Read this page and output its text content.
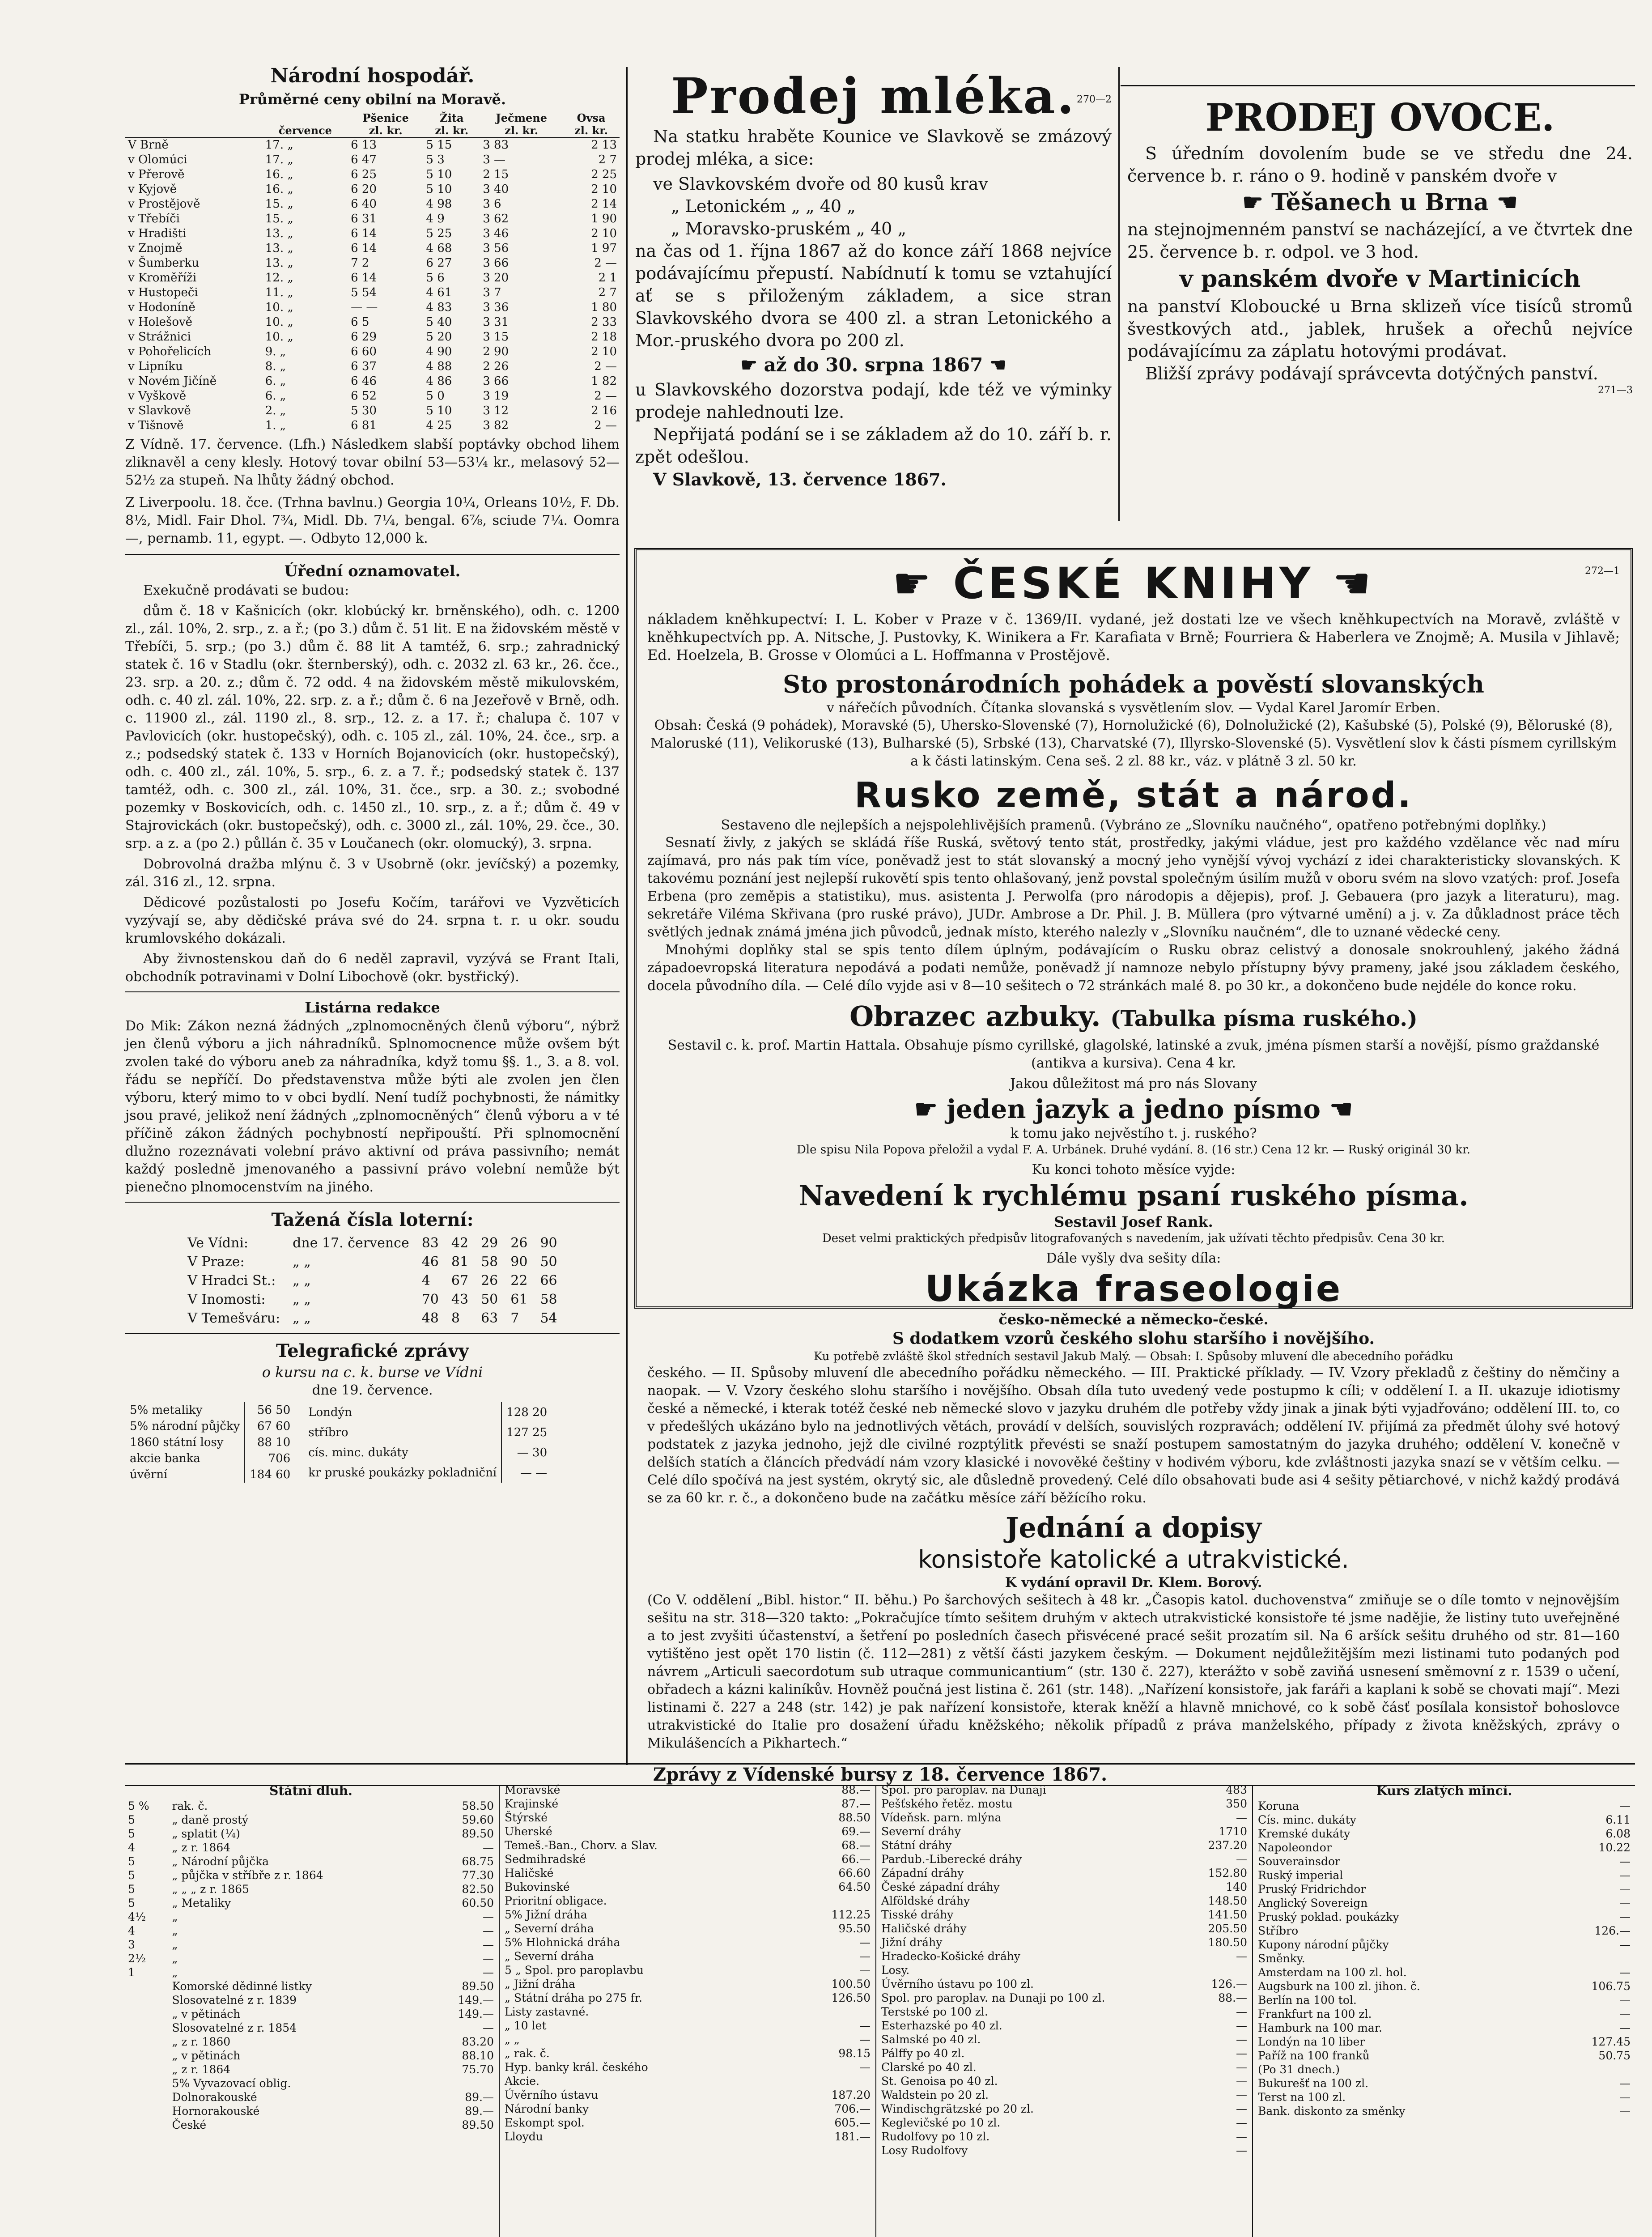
Národní hospodář.
Průměrné ceny obilní na Moravě.
		Pšenice	Žita	Ječmene	Ovsa
	července	zl. kr.	zl. kr.	zl. kr.	zl. kr.
V Brně	17. „	6 13	5 15	3 83	2 13
v Olomúci	17. „	6 47	5 3	3 —	2 7
v Přerově	16. „	6 25	5 10	2 15	2 25
v Kyjově	16. „	6 20	5 10	3 40	2 10
v Prostějově	15. „	6 40	4 98	3 6	2 14
v Třebíči	15. „	6 31	4 9	3 62	1 90
v Hradišti	13. „	6 14	5 25	3 46	2 10
v Znojmě	13. „	6 14	4 68	3 56	1 97
v Šumberku	13. „	7 2	6 27	3 66	2 —
v Kroměříži	12. „	6 14	5 6	3 20	2 1
v Hustopeči	11. „	5 54	4 61	3 7	2 7
v Hodoníně	10. „	— —	4 83	3 36	1 80
v Holešově	10. „	6 5	5 40	3 31	2 33
v Strážnici	10. „	6 29	5 20	3 15	2 18
v Pohořelicích	9. „	6 60	4 90	2 90	2 10
v Lipníku	8. „	6 37	4 88	2 26	2 —
v Novém Jičíně	6. „	6 46	4 86	3 66	1 82
v Vyškově	6. „	6 52	5 0	3 19	2 —
v Slavkově	2. „	5 30	5 10	3 12	2 16
v Tišnově	1. „	6 81	4 25	3 82	2 —
Z Vídně. 17. července. (Lfh.) Následkem slabší poptávky obchod lihem zliknavěl a ceny klesly. Hotový tovar obilní 53—53¼ kr., melasový 52—52½ za stupeň. Na lhůty žádný obchod.
Z Liverpoolu. 18. čce. (Trhna bavlnu.) Georgia 10¼, Orleans 10½, F. Db. 8½, Midl. Fair Dhol. 7¾, Midl. Db. 7¼, bengal. 6⅞, sciude 7¼. Oomra —, pernamb. 11, egypt. —. Odbyto 12,000 k.
Úřední oznamovatel.

Exekučně prodávati se budou:

dům č. 18 v Kašnicích (okr. klobúcký kr. brněnského), odh. c. 1200 zl., zál. 10%, 2. srp., z. a ř.; (po 3.) dům č. 51 lit. E na židovském městě v Třebíči, 5. srp.; (po 3.) dům č. 88 lit A tamtéž, 6. srp.; zahradnický statek č. 16 v Stadlu (okr. šternberský), odh. c. 2032 zl. 63 kr., 26. čce., 23. srp. a 20. z.; dům č. 72 odd. 4 na židovském městě mikulovském, odh. c. 40 zl. zál. 10%, 22. srp. z. a ř.; dům č. 6 na Jezeřově v Brně, odh. c. 11900 zl., zál. 1190 zl., 8. srp., 12. z. a 17. ř.; chalupa č. 107 v Pavlovicích (okr. hustopečský), odh. c. 105 zl., zál. 10%, 24. čce., srp. a z.; podsedský statek č. 133 v Horních Bojanovicích (okr. hustopečský), odh. c. 400 zl., zál. 10%, 5. srp., 6. z. a 7. ř.; podsedský statek č. 137 tamtéž, odh. c. 300 zl., zál. 10%, 31. čce., srp. a 30. z.; svobodné pozemky v Boskovicích, odh. c. 1450 zl., 10. srp., z. a ř.; dům č. 49 v Stajrovickách (okr. bustopečský), odh. c. 3000 zl., zál. 10%, 29. čce., 30. srp. a z. a (po 2.) půllán č. 35 v Loučanech (okr. olomucký), 3. srpna.

Dobrovolná dražba mlýnu č. 3 v Usobrně (okr. jevíčský) a pozemky, zál. 316 zl., 12. srpna.

Dědicové pozůstalosti po Josefu Kočím, tarářovi ve Vyzvěticích vyzývají se, aby dědičské práva své do 24. srpna t. r. u okr. soudu krumlovského dokázali.

Aby živnostenskou daň do 6 neděl zapravil, vyzývá se Frant Itali, obchodník potravinami v Dolní Libochově (okr. bystřický).

Listárna redakce
Do Mik: Zákon nezná žádných „zplnomocněných členů výboru“, nýbrž jen členů výboru a jich náhradníků. Splnomocnence může ovšem být zvolen také do výboru aneb za náhradníka, když tomu §§. 1., 3. a 8. vol. řádu se nepříčí. Do představenstva může býti ale zvolen jen člen výboru, který mimo to v obci bydlí. Není tudíž pochybnosti, že námitky jsou pravé, jelikož není žádných „zplnomocněných“ členů výboru a v té příčině zákon žádných pochybností nepřipouští. Při splnomocnění dlužno rozeznávati volební právo aktivní od práva passivního; nemát každý posledně jmenovaného a passivní právo volební nemůže být pienečno plnomocenstvím na jiného.
Tažená čísla loterní:
Ve Vídni:	dne 17. července	83	42	29	26	90
V Praze:	„ „	46	81	58	90	50
V Hradci St.:	„ „	4	67	26	22	66
V Inomosti:	„ „	70	43	50	61	58
V Temešváru:	„ „	48	8	63	7	54
Telegrafické zprávy
o kursu na c. k. burse ve Vídni
dne 19. července.
5% metaliky	56 50
5% národní půjčky	67 60
1860 státní losy	88 10
akcie banka	706
úvěrní	184 60
Londýn	128 20
stříbro	127 25
cís. minc. dukáty	— 30
kr pruské poukázky pokladniční	— —
Prodej mléka. 270—2

Na statku hraběte Kounice ve Slavkově se zmázový prodej mléka, a sice:

ve Slavkovském dvoře od 80 kusů krav
„ Letonickém „ „ 40 „
„ Moravsko-pruském „ 40 „
na čas od 1. října 1867 až do konce září 1868 nejvíce podávajícímu přepustí. Nabídnutí k tomu se vztahující ať se s přiloženým základem, a sice stran Slavkovského dvora se 400 zl. a stran Letonického a Mor.-pruského dvora po 200 zl.
☛ až do 30. srpna 1867 ☚
u Slavkovského dozorstva podají, kde též ve výminky prodeje nahlednouti lze.
Nepřijatá podání se i se základem až do 10. září b. r. zpět odešlou.
V Slavkově, 13. července 1867.
PRODEJ OVOCE.
S úředním dovolením bude se ve středu dne 24. července b. r. ráno o 9. hodině v panském dvoře v
☛ Těšanech u Brna ☚
na stejnojmenném panství se nacházející, a ve čtvrtek dne 25. července b. r. odpol. ve 3 hod.
v panském dvoře v Martinicích
na panství Kloboucké u Brna sklizeň více tisíců stromů švestkových atd., jablek, hrušek a ořechů nejvíce podávajícímu za záplatu hotovými prodávat.
Bližší zprávy podávají správcevta dotýčných panství.
271—3
☛ ČESKÉ KNIHY ☚	272—1
nákladem kněhkupectví: I. L. Kober v Praze v č. 1369/II. vydané, jež dostati lze ve všech kněhkupectvích na Moravě, zvláště v kněhkupectvích pp. A. Nitsche, J. Pustovky, K. Winikera a Fr. Karafiata v Brně; Fourriera & Haberlera ve Znojmě; A. Musila v Jihlavě; Ed. Hoelzela, B. Grosse v Olomúci a L. Hoffmanna v Prostějově.
Sto prostonárodních pohádek a pověstí slovanských
v nářečích původních. Čítanka slovanská s vysvětlením slov. — Vydal Karel Jaromír Erben.
Obsah: Česká (9 pohádek), Moravské (5), Uhersko-Slovenské (7), Hornolužické (6), Dolnolužické (2), Kašubské (5), Polské (9), Běloruské (8), Maloruské (11), Velikoruské (13), Bulharské (5), Srbské (13), Charvatské (7), Illyrsko-Slovenské (5). Vysvětlení slov k části písmem cyrillským a k části latinským. Cena seš. 2 zl. 88 kr., váz. v plátně 3 zl. 50 kr.
Rusko země, stát a národ.
Sestaveno dle nejlepších a nejspolehlivějších pramenů. (Vybráno ze „Slovníku naučného“, opatřeno potřebnými doplňky.)
Sesnatí živly, z jakých se skládá říše Ruská, světový tento stát, prostředky, jakými vládue, jest pro každého vzdělance věc nad míru zajímavá, pro nás pak tím více, poněvadž jest to stát slovanský a mocný jeho vynější vývoj vychází z idei charakteristicky slovanských. K takovému poznání jest nejlepší rukovětí spis tento ohlašovaný, jenž povstal společným úsilím mužů v oboru svém na slovo vzatých: prof. Josefa Erbena (pro zeměpis a statistiku), mus. asistenta J. Perwolfa (pro národopis a dějepis), prof. J. Gebauera (pro jazyk a literaturu), mag. sekretáře Viléma Skřivana (pro ruské právo), JUDr. Ambrose a Dr. Phil. J. B. Müllera (pro výtvarné umění) a j. v. Za důkladnost práce těch světlých jednak známá jména jich původců, jednak místo, kterého nalezly v „Slovníku naučném“, dle to uznané vědecké ceny.
Mnohými doplňky stal se spis tento dílem úplným, podávajícím o Rusku obraz celistvý a donosale snokrouhlený, jakého žádná západoevropská literatura nepodává a podati nemůže, poněvadž jí namnoze nebylo přístupny bývy prameny, jaké jsou základem českého, docela původního díla. — Celé dílo vyjde asi v 8—10 sešitech o 72 stránkách malé 8. po 30 kr., a dokončeno bude nejdéle do konce roku.
Obrazec azbuky. (Tabulka písma ruského.)
Sestavil c. k. prof. Martin Hattala. Obsahuje písmo cyrillské, glagolské, latinské a zvuk, jména písmen starší a novější, písmo graždanské (antikva a kursiva). Cena 4 kr.
Jakou důležitost má pro nás Slovany
☛ jeden jazyk a jedno písmo ☚
k tomu jako nejvěstího t. j. ruského?
Dle spisu Nila Popova přeložil a vydal F. A. Urbánek. Druhé vydání. 8. (16 str.) Cena 12 kr. — Ruský originál 30 kr.
Ku konci tohoto měsíce vyjde:
Navedení k rychlému psaní ruského písma.
Sestavil Josef Rank.
Deset velmi praktických předpisův litografovaných s navedením, jak užívati těchto předpisův. Cena 30 kr.
Dále vyšly dva sešity díla:
Ukázka fraseologie
česko-německé a německo-české.
S dodatkem vzorů českého slohu staršího i novějšího.
Ku potřebě zvláště škol středních sestavil Jakub Malý. — Obsah: I. Spůsoby mluvení dle abecedního pořádku
českého. — II. Spůsoby mluvení dle abecedního pořádku německého. — III. Praktické příklady. — IV. Vzory překladů z češtiny do němčiny a naopak. — V. Vzory českého slohu staršího i novějšího. Obsah díla tuto uvedený vede postupmo k cíli; v oddělení I. a II. ukazuje idiotismy české a německé, i kterak totéž české neb německé slovo v jazyku druhém dle potřeby vždy jinak a jinak býti vyjadřováno; oddělení III. to, co v předešlých ukázáno bylo na jednotlivých větách, provádí v delších, souvislých rozpravách; oddělení IV. přijímá za předmět úlohy své hotový podstatek z jazyka jednoho, jejž dle civilné rozptýlitk převésti se snaží postupem samostatným do jazyka druhého; oddělení V. konečně v delších statích a článcích předvádí nám vzory klasické i novověké češtiny v hodivém výboru, kde zvláštnosti jazyka snazí se v větším celku. — Celé dílo spočívá na jest systém, okrytý sic, ale důsledně provedený. Celé dílo obsahovati bude asi 4 sešity pětiarchové, v nichž každý prodává se za 60 kr. r. č., a dokončeno bude na začátku měsíce září běžícího roku.
Jednání a dopisy
konsistoře katolické a utrakvistické.
K vydání opravil Dr. Klem. Borový.
(Co V. oddělení „Bibl. histor.“ II. běhu.) Po šarchových sešitech à 48 kr. „Časopis katol. duchovenstva“ zmiňuje se o díle tomto v nejnovějším sešitu na str. 318—320 takto: „Pokračujíce tímto sešitem druhým v aktech utrakvistické konsistoře té jsme nadějie, že listiny tuto uveřejněné a to jest zvyšiti účastenství, a šetření po posledních časech přisvécené pracé sešit prozatím sil. Na 6 aršíck sešitu druhého od str. 81—160 vytištěno jest opět 170 listin (č. 112—281) z větší části jazykem českým. — Dokument nejdůležitějším mezi listinami tuto podaných pod návrem „Articuli saecordotum sub utraque communicantium“ (str. 130 č. 227), kterážto v sobě zaviňá usnesení směmovní z r. 1539 o učení, obřadech a kázni kaliníkův. Hovněž poučná jest listina č. 261 (str. 148). „Nařízení konsistoře, jak faráři a kaplani k sobě se chovati mají“. Mezi listinami č. 227 a 248 (str. 142) je pak nařízení konsistoře, kterak kněží a hlavně mnichové, co k sobě čásť posílala konsistoř bohoslovce utrakvistické do Italie pro dosažení úřadu kněžského; několik případů z práva manželského, případy z života kněžských, zprávy o Mikulášencích a Pikhartech.“
Zprávy z Vídenské bursy z 18. července 1867.
Státní dluh.
5 %	rak. č.	58.50
5	„ daně prostý	59.60
5	„ splatit (¼)	89.50
4	„ z r. 1864	—
5	„ Národní půjčka	68.75
5	„ půjčka v stříbře z r. 1864	77.30
5	„ „ „ z r. 1865	82.50
5	„ Metaliky	60.50
4½	„	—
4	„	—
3	„	—
2½	„	—
1	„	—
	Komorské dědinné listky	89.50
	Slosovatelné z r. 1839	149.—
	„ v pětinách	149.—
	Slosovatelné z r. 1854	—
	„ z r. 1860	83.20
	„ v pětinách	88.10
	„ z r. 1864	75.70
	5% Vyvazovací oblig.	
	Dolnorakouské	89.—
	Hornorakouské	89.—
	České	89.50
Moravské	88.—
Krajinské	87.—
Štýrské	88.50
Uherské	69.—
Temeš.-Ban., Chorv. a Slav.	68.—
Sedmihradské	66.—
Haličské	66.60
Bukovinské	64.50
Prioritní obligace.	
5% Jižní dráha	112.25
„ Severní dráha	95.50
5% Hlohnická dráha	—
„ Severní dráha	—
5 „ Spol. pro paroplavbu	—
„ Jižní dráha	100.50
„ Státní dráha po 275 fr.	126.50
Listy zastavné.	
„ 10 let	—
„ „	—
„ rak. č.	98.15
Hyp. banky král. českého	—
Akcie.	
Úvěrního ústavu	187.20
Národní banky	706.—
Eskompt spol.	605.—
Lloydu	181.—
Spol. pro paroplav. na Dunaji	483
Pešťského řetěz. mostu	350
Vídeňsk. parn. mlýna	—
Severní dráhy	1710
Státní dráhy	237.20
Pardub.-Liberecké dráhy	—
Západní dráhy	152.80
České západní dráhy	140
Alföldské dráhy	148.50
Tisské dráhy	141.50
Haličské dráhy	205.50
Jižní dráhy	180.50
Hradecko-Košické dráhy	—
Losy.	
Úvěrního ústavu po 100 zl.	126.—
Spol. pro paroplav. na Dunaji po 100 zl.	88.—
Terstské po 100 zl.	—
Esterhazské po 40 zl.	—
Salmské po 40 zl.	—
Pálffy po 40 zl.	—
Clarské po 40 zl.	—
St. Genoisa po 40 zl.	—
Waldstein po 20 zl.	—
Windischgrätzské po 20 zl.	—
Keglevičské po 10 zl.	—
Rudolfovy po 10 zl.	—
Losy Rudolfovy	—
Kurs zlatých mincí.
Koruna	—
Cís. minc. dukáty	6.11
Kremské dukáty	6.08
Napoleondor	10.22
Souverainsdor	—
Ruský imperial	—
Pruský Fridrichdor	—
Anglický Sovereign	—
Pruský poklad. poukázky	—
Stříbro	126.—
Kupony národní půjčky	—
Směnky.	
Amsterdam na 100 zl. hol.	—
Augsburk na 100 zl. jihon. č.	106.75
Berlín na 100 tol.	—
Frankfurt na 100 zl.	—
Hamburk na 100 mar.	—
Londýn na 10 liber	127.45
Paříž na 100 franků	50.75
(Po 31 dnech.)	
Bukurešť na 100 zl.	—
Terst na 100 zl.	—
Bank. diskonto za směnky	—
